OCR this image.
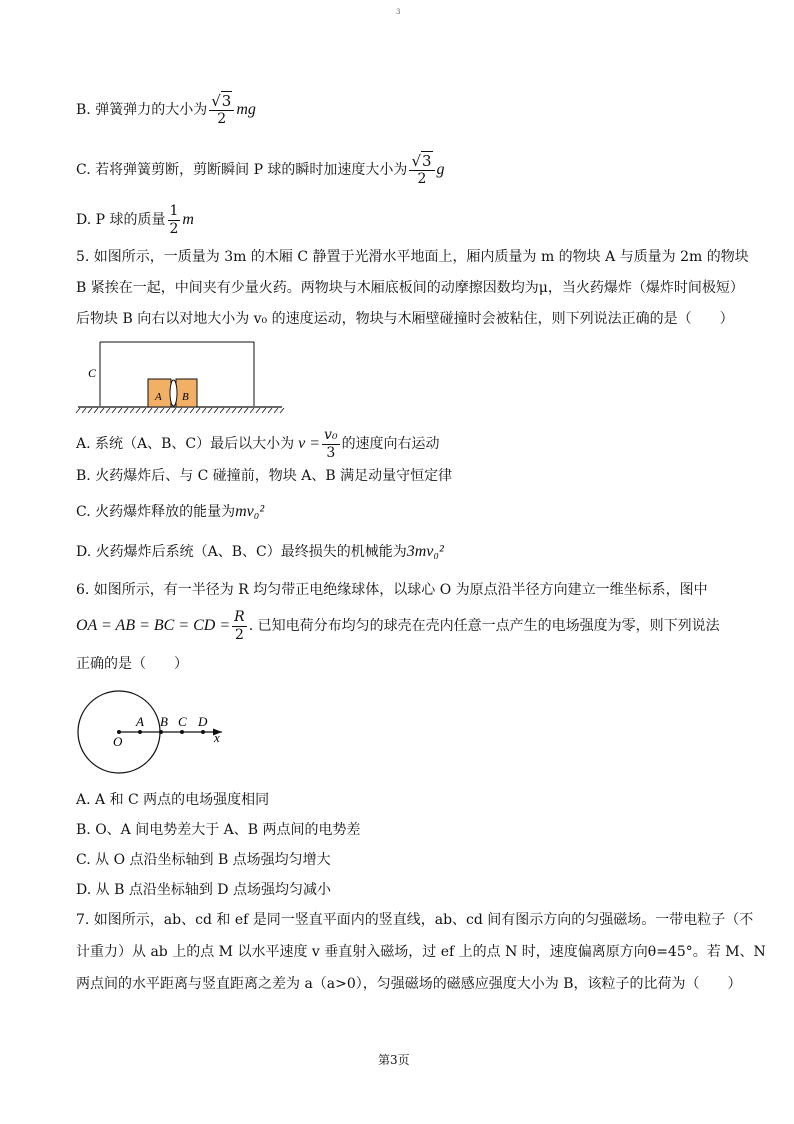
3
B. 弹簧弹力的大小为 $\frac{√3}{2}$ mg
C. 若将弹簧剪断，剪断瞬间 P 球的瞬时加速度大小为 $\frac{√3}{2}$ g
D. P 球的质量 $\frac{1}{2}$ m
5. 如图所示，一质量为 3m 的木厢 C 静置于光滑水平地面上，厢内质量为 m 的物块 A 与质量为 2m 的物块
B 紧挨在一起，中间夹有少量火药。两物块与木厢底板间的动摩擦因数均为μ，当火药爆炸（爆炸时间极短）
后物块 B 向右以对地大小为 v₀ 的速度运动，物块与木厢壁碰撞时会被粘住，则下列说法正确的是（　　）
C
A B
A. 系统（A、B、C）最后以大小为 $v = \frac{\text{v₀}}{3}$ 的速度向右运动
B. 火药爆炸后、与 C 碰撞前，物块 A、B 满足动量守恒定律
C. 火药爆炸释放的能量为mv₀²
D. 火药爆炸后系统（A、B、C）最终损失的机械能为3mv₀²
6. 如图所示，有一半径为 R 均匀带正电绝缘球体，以球心 O 为原点沿半径方向建立一维坐标系，图中
OA = AB = BC = CD = $\frac{R}{2}$ . 已知电荷分布均匀的球壳在壳内任意一点产生的电场强度为零，则下列说法
正确的是（　　）
O
A B C D
x
A. A 和 C 两点的电场强度相同
B. O、A 间电势差大于 A、B 两点间的电势差
C. 从 O 点沿坐标轴到 B 点场强均匀增大
D. 从 B 点沿坐标轴到 D 点场强均匀减小
7. 如图所示，ab、cd 和 ef 是同一竖直平面内的竖直线，ab、cd 间有图示方向的匀强磁场。一带电粒子（不
计重力）从 ab 上的点 M 以水平速度 v 垂直射入磁场，过 ef 上的点 N 时，速度偏离原方向θ=45°。若 M、N
两点间的水平距离与竖直距离之差为 a（a>0），匀强磁场的磁感应强度大小为 B，该粒子的比荷为（　　）
第3页
